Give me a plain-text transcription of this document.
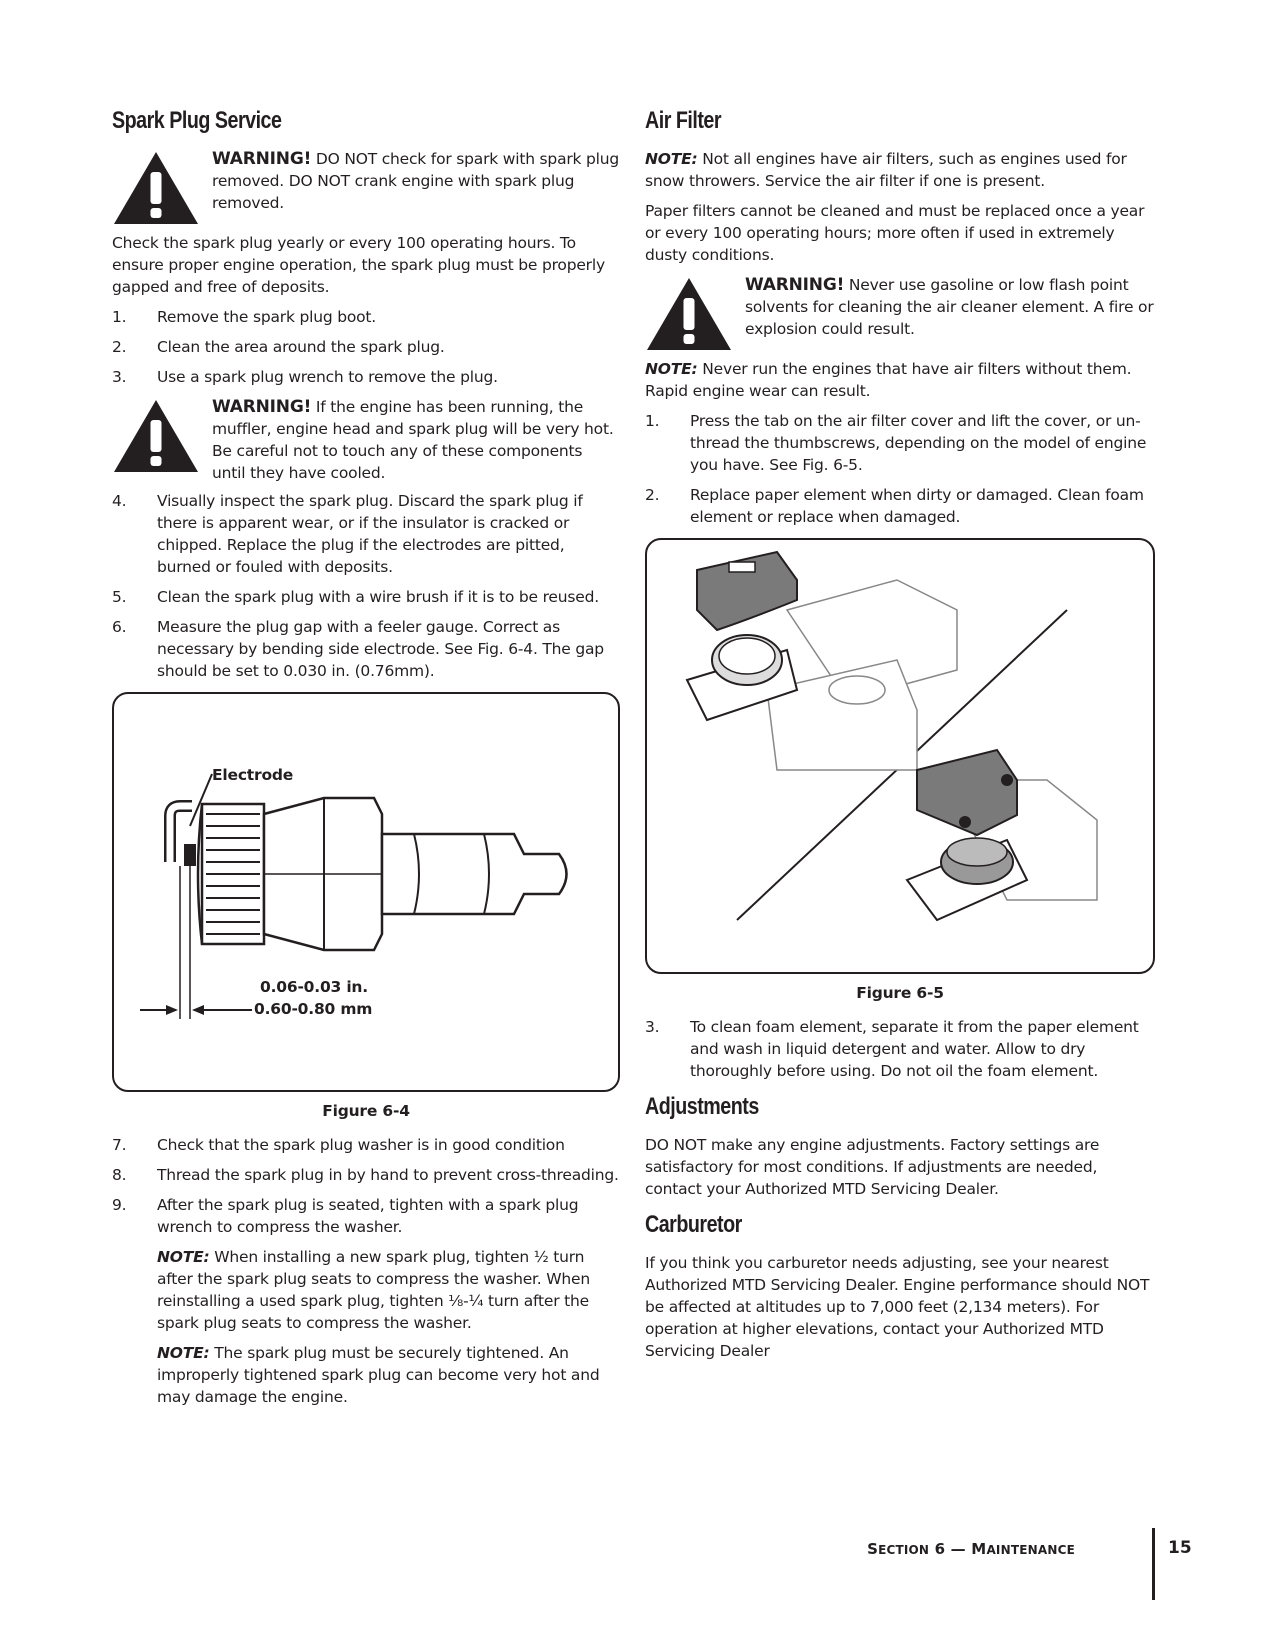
Spark Plug Service
WARNING! DO NOT check for spark with spark plug removed. DO NOT crank engine with spark plug removed.

Check the spark plug yearly or every 100 operating hours. To ensure proper engine operation, the spark plug must be properly gapped and free of deposits.

1. Remove the spark plug boot.
2. Clean the area around the spark plug.
3. Use a spark plug wrench to remove the plug.
WARNING! If the engine has been running, the muffler, engine head and spark plug will be very hot. Be careful not to touch any of these components until they have cooled.
4. Visually inspect the spark plug. Discard the spark plug if there is apparent wear, or if the insulator is cracked or chipped. Replace the plug if the electrodes are pitted, burned or fouled with deposits.
5. Clean the spark plug with a wire brush if it is to be reused.
6. Measure the plug gap with a feeler gauge. Correct as necessary by bending side electrode. See Fig. 6-4. The gap should be set to 0.030 in. (0.76mm).
Electrode
0.06-0.03 in.
0.60-0.80 mm
Figure 6-4
7. Check that the spark plug washer is in good condition
8. Thread the spark plug in by hand to prevent cross-threading.
9. After the spark plug is seated, tighten with a spark plug wrench to compress the washer.

NOTE: When installing a new spark plug, tighten ½ turn after the spark plug seats to compress the washer. When reinstalling a used spark plug, tighten ⅛-¼ turn after the spark plug seats to compress the washer.

NOTE: The spark plug must be securely tightened. An improperly tightened spark plug can become very hot and may damage the engine.

Air Filter

NOTE: Not all engines have air filters, such as engines used for snow throwers. Service the air filter if one is present.

Paper filters cannot be cleaned and must be replaced once a year or every 100 operating hours; more often if used in extremely dusty conditions.

WARNING! Never use gasoline or low flash point solvents for cleaning the air cleaner element. A fire or explosion could result.

NOTE: Never run the engines that have air filters without them. Rapid engine wear can result.

1. Press the tab on the air filter cover and lift the cover, or un-thread the thumbscrews, depending on the model of engine you have. See Fig. 6-5.
2. Replace paper element when dirty or damaged. Clean foam element or replace when damaged.
Figure 6-5
3. To clean foam element, separate it from the paper element and wash in liquid detergent and water. Allow to dry thoroughly before using. Do not oil the foam element.
Adjustments

DO NOT make any engine adjustments. Factory settings are satisfactory for most conditions. If adjustments are needed, contact your Authorized MTD Servicing Dealer.

Carburetor

If you think you carburetor needs adjusting, see your nearest Authorized MTD Servicing Dealer. Engine performance should NOT be affected at altitudes up to 7,000 feet (2,134 meters). For operation at higher elevations, contact your Authorized MTD Servicing Dealer

SECTION 6 — MAINTENANCE	15
